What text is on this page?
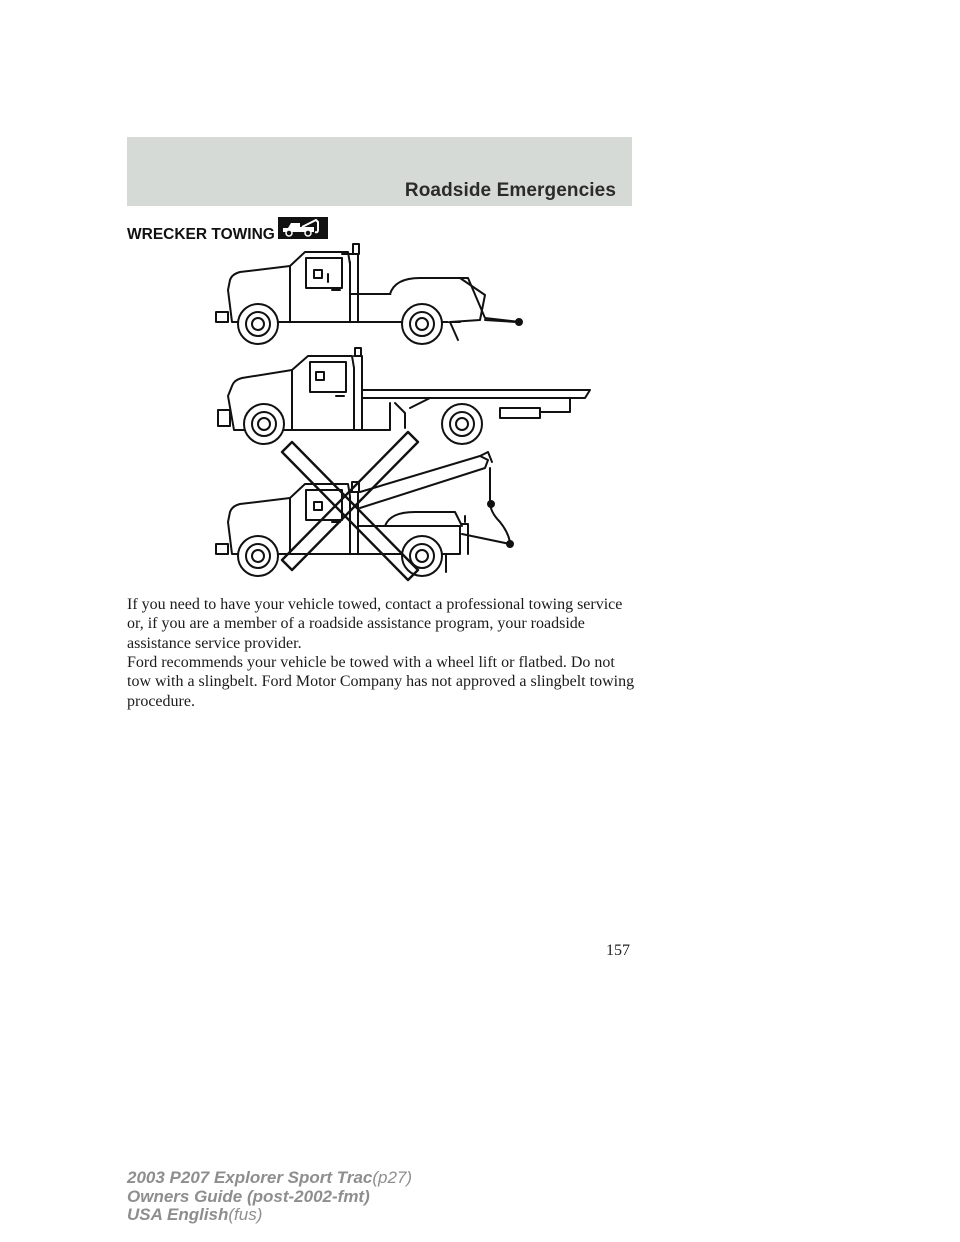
Roadside Emergencies
WRECKER TOWING

If you need to have your vehicle towed, contact a professional towing service or, if you are a member of a roadside assistance program, your roadside assistance service provider.

Ford recommends your vehicle be towed with a wheel lift or flatbed. Do not tow with a slingbelt. Ford Motor Company has not approved a slingbelt towing procedure.

157
2003 P207 Explorer Sport Trac(p27)
Owners Guide (post-2002-fmt)
USA English(fus)
